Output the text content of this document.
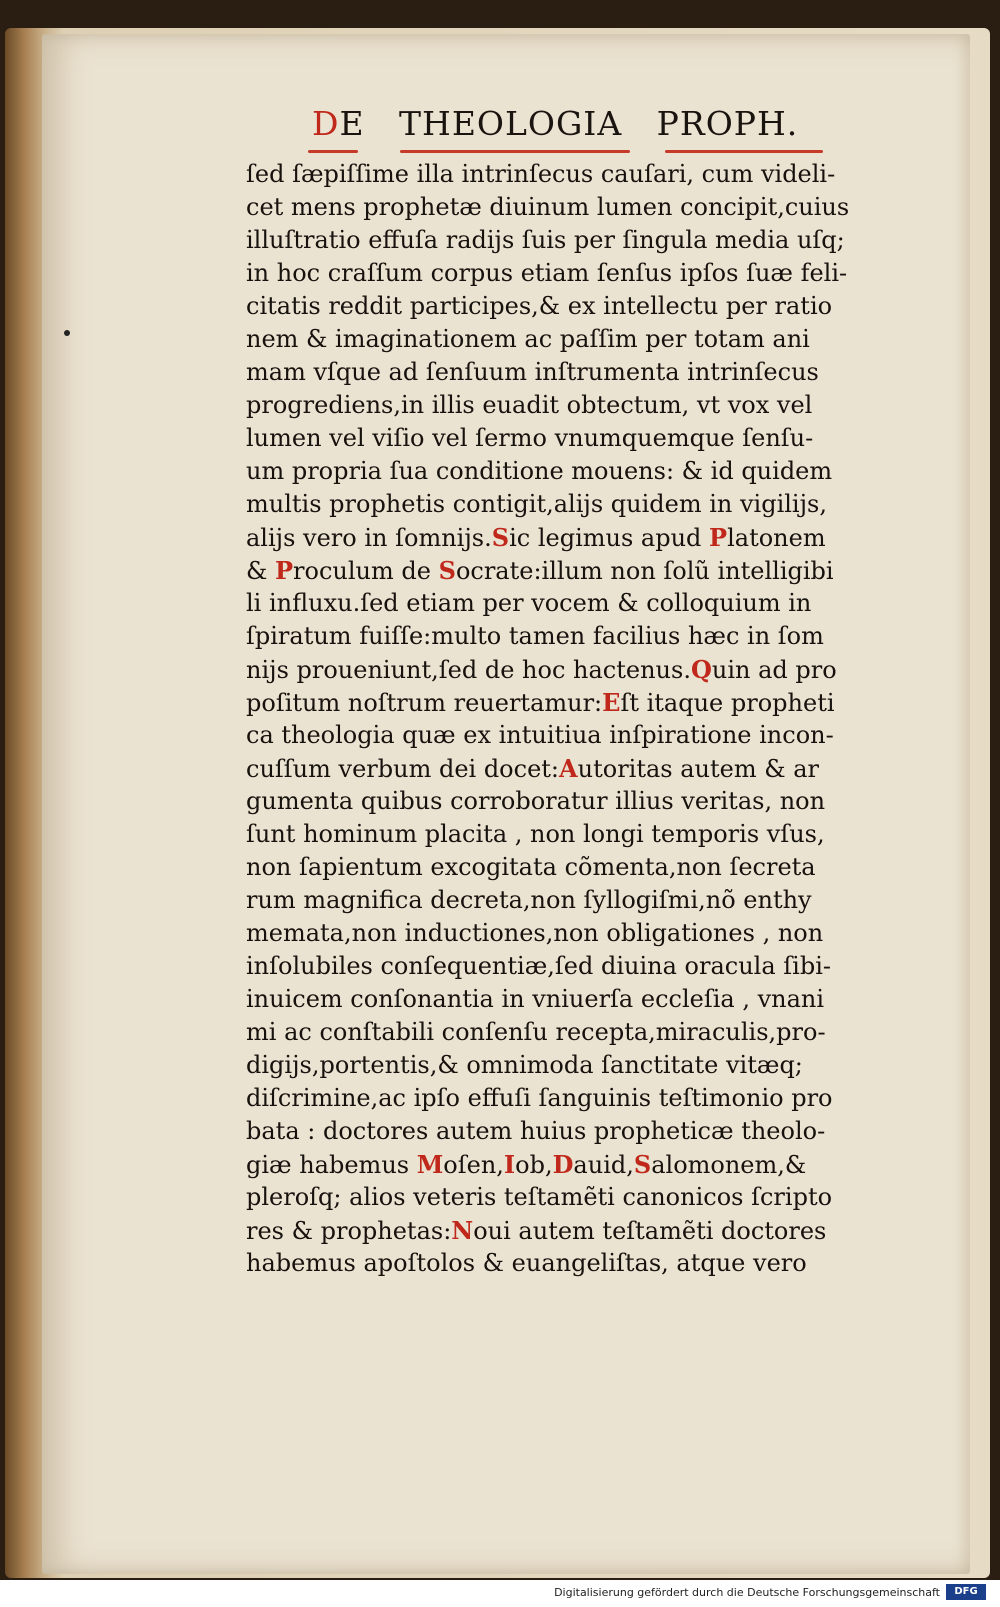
DE THEOLOGIA PROPH.
ſed ſæpiſſime illa intrinſecus cauſari, cum videli-
cet mens prophetæ diuinum lumen concipit,cuius
illuſtratio effuſa radijs ſuis per ſingula media uſq;
in hoc craſſum corpus etiam ſenſus ipſos ſuæ feli-
citatis reddit participes,& ex intellectu per ratio
nem & imaginationem ac paſſim per totam ani
mam vſque ad ſenſuum inſtrumenta intrinſecus
progrediens,in illis euadit obtectum, vt vox vel
lumen vel viſio vel ſermo vnumquemque ſenſu-
um propria ſua conditione mouens: & id quidem
multis prophetis contigit,alijs quidem in vigilijs,
alijs vero in ſomnijs.Sic legimus apud Platonem
& Proculum de Socrate:illum non ſolũ intelligibi
li influxu.ſed etiam per vocem & colloquium in
ſpiratum fuiſſe:multo tamen facilius hæc in ſom
nijs proueniunt,ſed de hoc hactenus.Quin ad pro
poſitum noſtrum reuertamur:Eſt itaque propheti
ca theologia quæ ex intuitiua inſpiratione incon-
cuſſum verbum dei docet:Autoritas autem & ar
gumenta quibus corroboratur illius veritas, non
ſunt hominum placita , non longi temporis vſus,
non ſapientum excogitata cõmenta,non ſecreta
rum magnifica decreta,non ſyllogiſmi,nõ enthy
memata,non inductiones,non obligationes , non
inſolubiles conſequentiæ,ſed diuina oracula ſibi-
inuicem conſonantia in vniuerſa eccleſia , vnani
mi ac conſtabili conſenſu recepta,miraculis,pro-
digijs,portentis,& omnimoda ſanctitate vitæq;
diſcrimine,ac ipſo effuſi ſanguinis teſtimonio pro
bata : doctores autem huius propheticæ theolo-
giæ habemus Moſen,Iob,Dauid,Salomonem,&
pleroſq; alios veteris teſtamẽti canonicos ſcripto
res & prophetas:Noui autem teſtamẽti doctores
habemus apoſtolos & euangeliſtas, atque vero
Digitalisierung gefördert durch die Deutsche Forschungsgemeinschaft	DFG
